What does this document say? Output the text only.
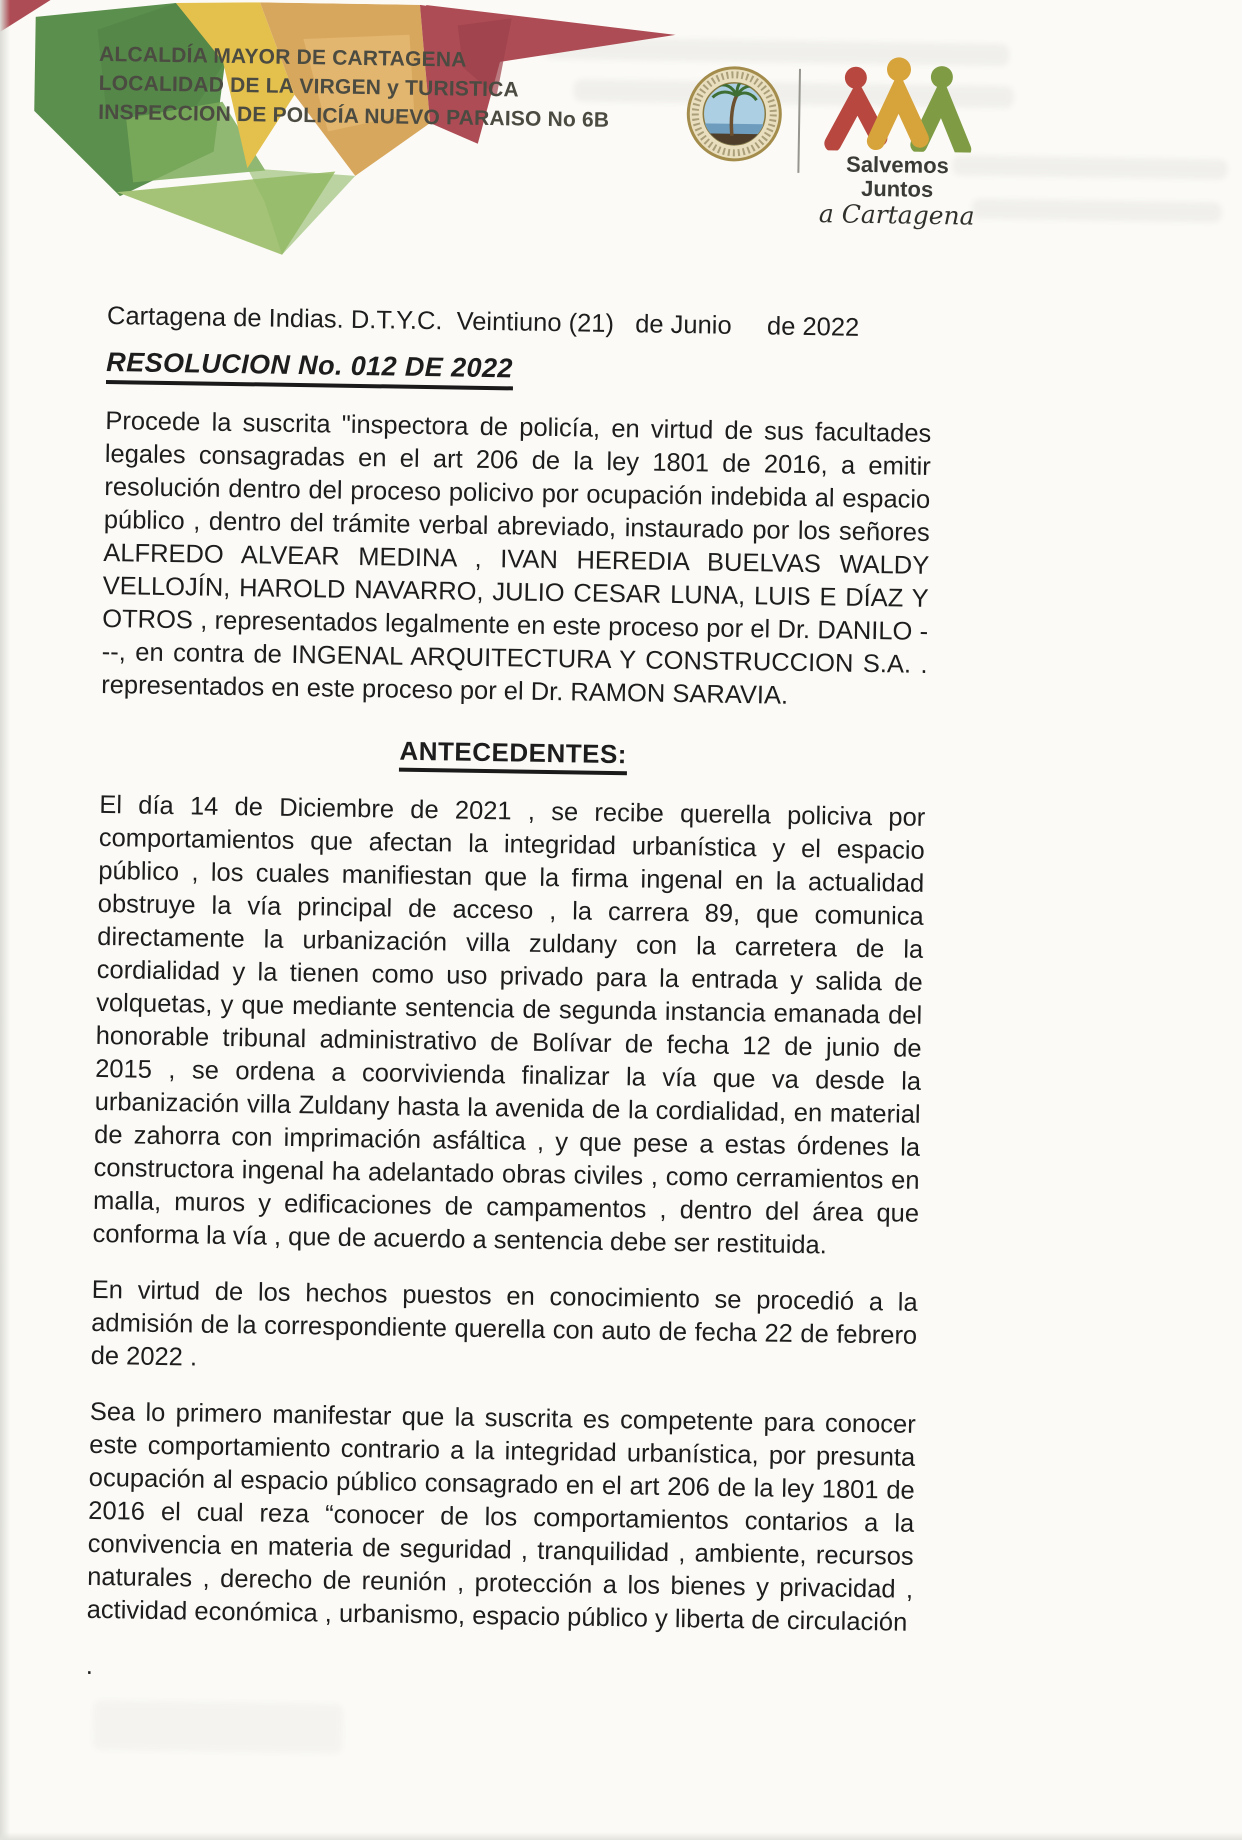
ALCALDÍA MAYOR DE CARTAGENA
LOCALIDAD DE LA VIRGEN y TURISTICA
INSPECCION DE POLICÍA NUEVO PARAISO No 6B
Salvemos Juntos
a Cartagena
Cartagena de Indias. D.T.Y.C.  Veintiuno (21)   de Junio     de 2022
RESOLUCION No. 012 DE 2022
Procede la suscrita "inspectora de policía, en virtud de sus facultades legales consagradas en el art 206 de la ley 1801 de 2016, a emitir resolución dentro del proceso policivo por ocupación indebida al espacio público , dentro del trámite verbal abreviado, instaurado por los señores ALFREDO ALVEAR MEDINA , IVAN HEREDIA BUELVAS WALDY VELLOJÍN, HAROLD NAVARRO, JULIO CESAR LUNA, LUIS E DÍAZ Y OTROS , representados legalmente en este proceso por el Dr. DANILO ---, en contra de INGENAL ARQUITECTURA Y CONSTRUCCION S.A. . representados en este proceso por el Dr. RAMON SARAVIA.
ANTECEDENTES:
El día 14 de Diciembre de 2021 , se recibe querella policiva por comportamientos que afectan la integridad urbanística y el espacio público , los cuales manifiestan que la firma ingenal en la actualidad obstruye la vía principal de acceso , la carrera 89, que comunica directamente la urbanización villa zuldany con la carretera de la cordialidad y la tienen como uso privado para la entrada y salida de volquetas, y que mediante sentencia de segunda instancia emanada del honorable tribunal administrativo de Bolívar de fecha 12 de junio de 2015 , se ordena a coorvivienda finalizar la vía que va desde la urbanización villa Zuldany hasta la avenida de la cordialidad, en material de zahorra con imprimación asfáltica , y que pese a estas órdenes la constructora ingenal ha adelantado obras civiles , como cerramientos en malla, muros y edificaciones de campamentos , dentro del área que conforma la vía , que de acuerdo a sentencia debe ser restituida.
En virtud de los hechos puestos en conocimiento se procedió a la admisión de la correspondiente querella con auto de fecha 22 de febrero de 2022 .
Sea lo primero manifestar que la suscrita es competente para conocer este comportamiento contrario a la integridad urbanística, por presunta ocupación al espacio público consagrado en el art 206 de la ley 1801 de 2016 el cual reza “conocer de los comportamientos contarios a la convivencia en materia de seguridad , tranquilidad , ambiente, recursos naturales , derecho de reunión , protección a los bienes y privacidad , actividad económica , urbanismo, espacio público y liberta de circulación
.
